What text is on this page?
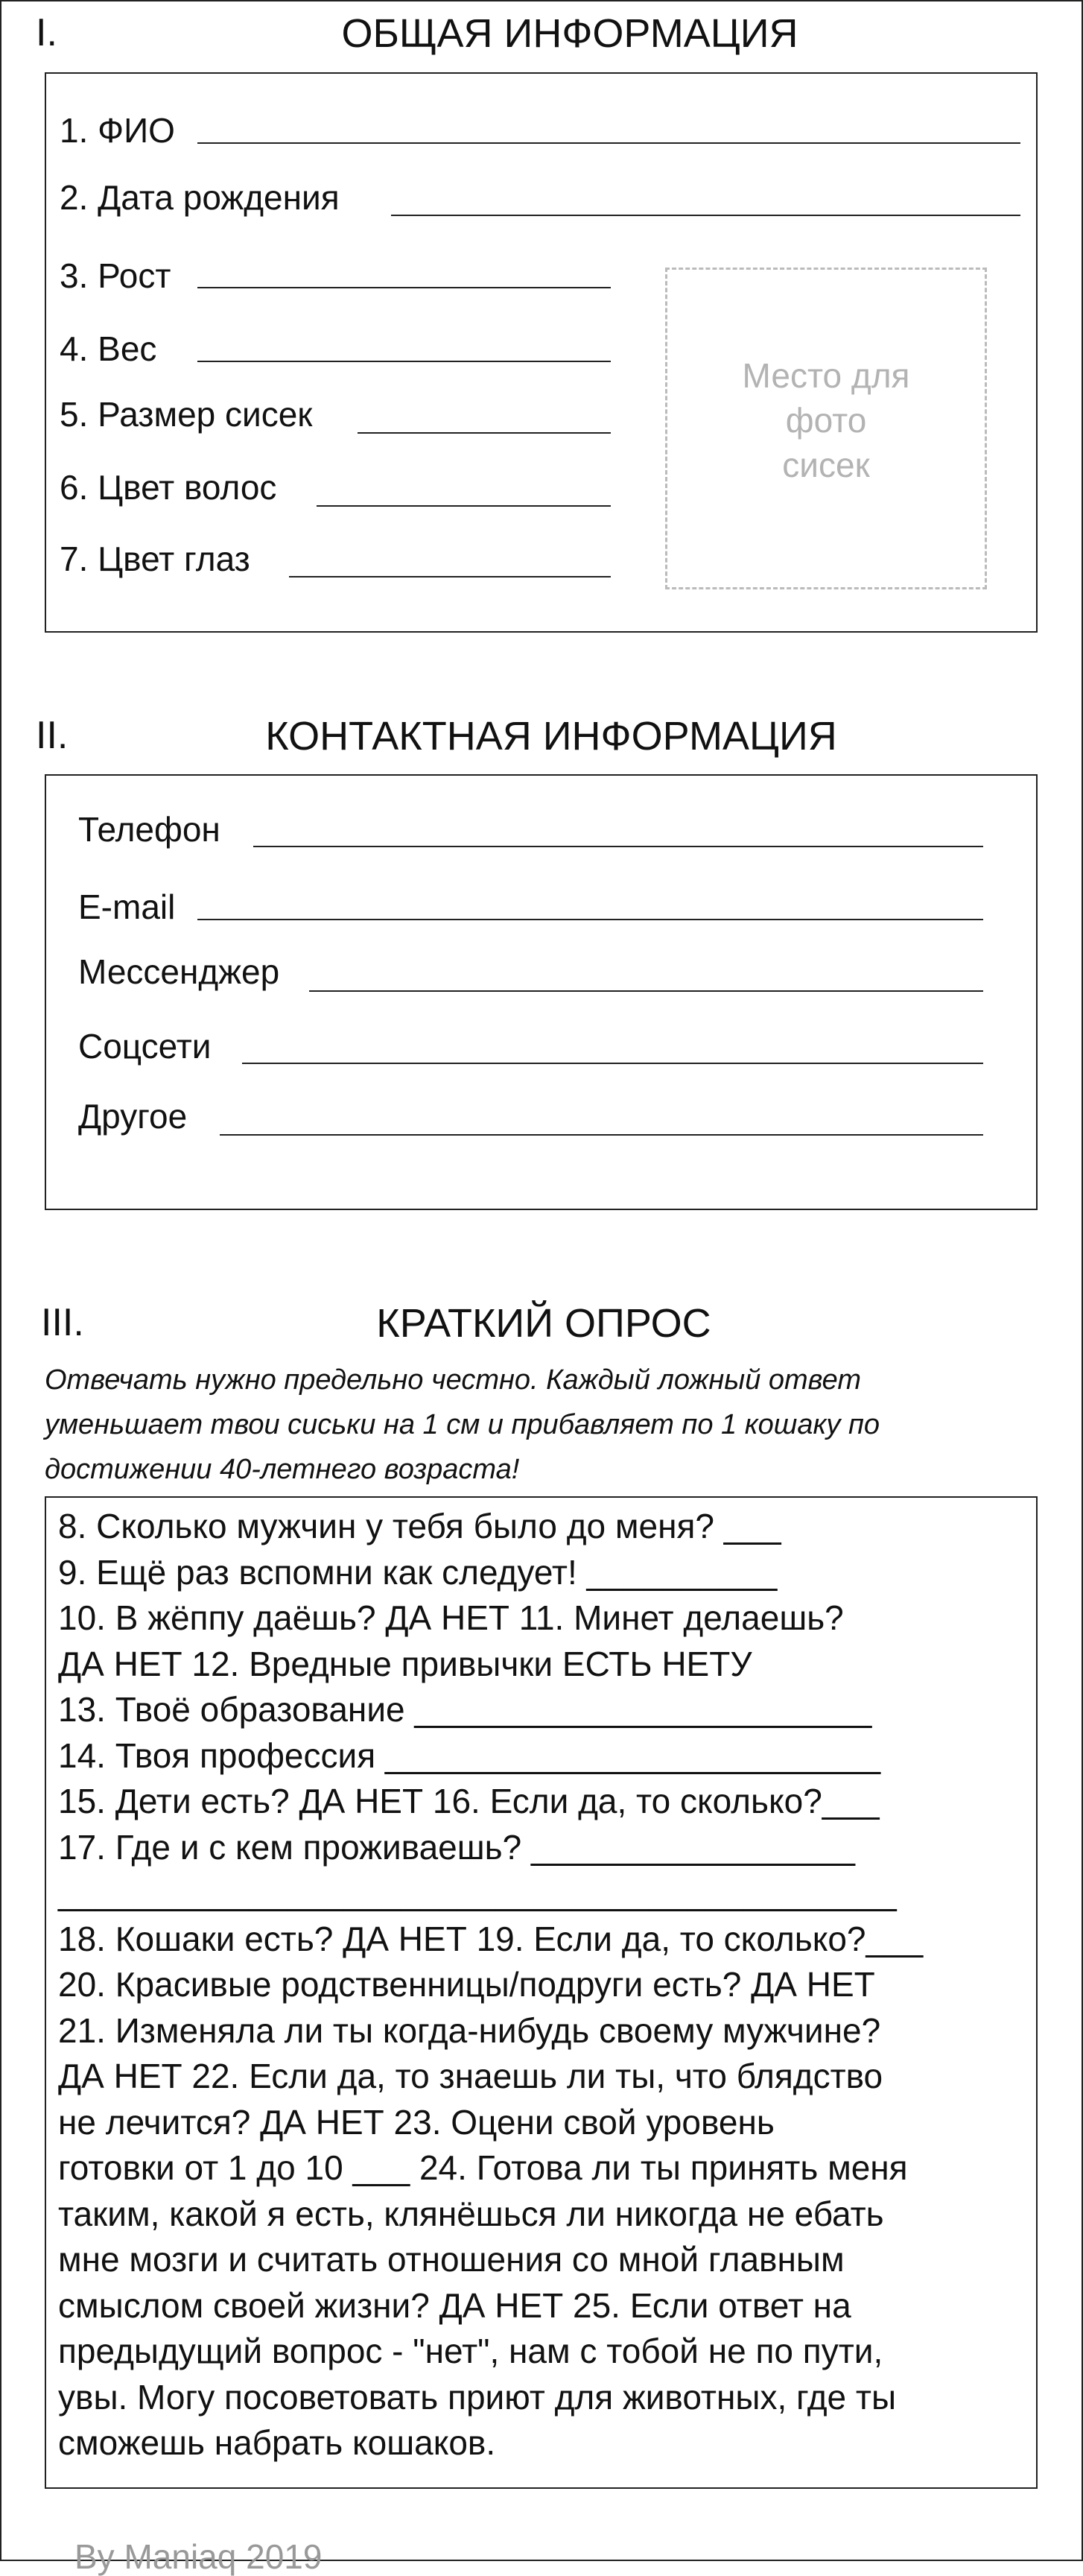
I.	ОБЩАЯ ИНФОРМАЦИЯ
1. ФИО
2. Дата рождения
3. Рост
4. Вес
5. Размер сисек
6. Цвет волос
7. Цвет глаз
Место для
фото
сисек
II.	КОНТАКТНАЯ ИНФОРМАЦИЯ
Телефон
E-mail
Мессенджер
Соцсети
Другое
III.	КРАТКИЙ ОПРОС
Отвечать нужно предельно честно. Каждый ложный ответ
уменьшает твои сиськи на 1 см и прибавляет по 1 кошаку по
достижении 40-летнего возраста!
8. Сколько мужчин у тебя было до меня? ___
9. Ещё раз вспомни как следует! __________
10. В жёппу даёшь? ДА НЕТ 11. Минет делаешь?
ДА НЕТ 12. Вредные привычки ЕСТЬ НЕТУ
13. Твоё образование ________________________
14. Твоя профессия __________________________
15. Дети есть? ДА НЕТ 16. Если да, то сколько?___
17. Где и с кем проживаешь? _________________
____________________________________________
18. Кошаки есть? ДА НЕТ 19. Если да, то сколько?___
20. Красивые родственницы/подруги есть? ДА НЕТ
21. Изменяла ли ты когда-нибудь своему мужчине?
ДА НЕТ 22. Если да, то знаешь ли ты, что блядство
не лечится? ДА НЕТ 23. Оцени свой уровень
готовки от 1 до 10 ___ 24. Готова ли ты принять меня
таким, какой я есть, клянёшься ли никогда не ебать
мне мозги и считать отношения со мной главным
смыслом своей жизни? ДА НЕТ 25. Если ответ на
предыдущий вопрос - "нет", нам с тобой не по пути,
увы. Могу посоветовать приют для животных, где ты
сможешь набрать кошаков.
By Maniaq 2019
